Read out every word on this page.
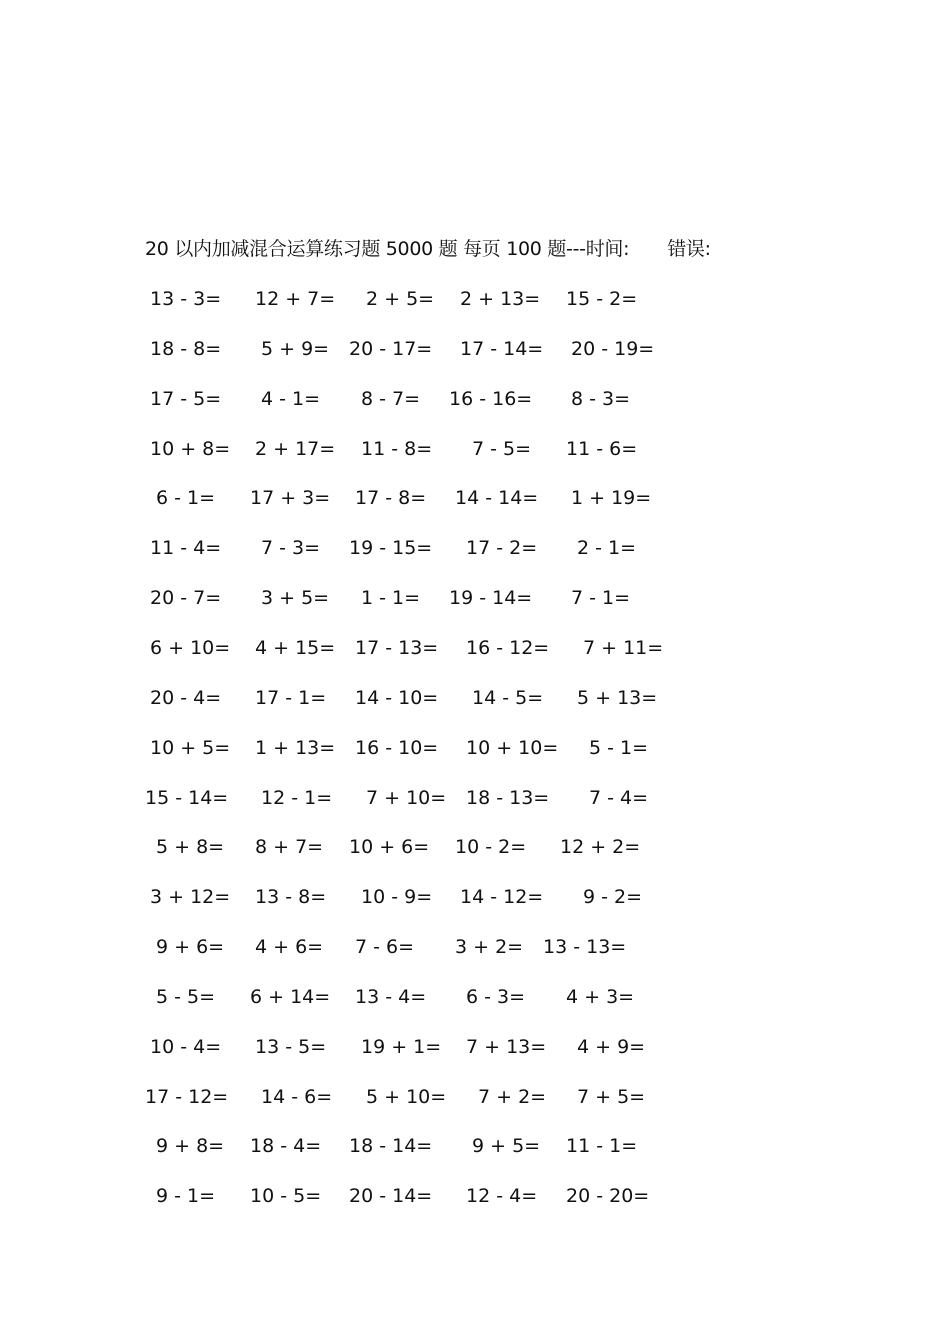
20 以内加减混合运算练习题 5000 题 每页 100 题---时间: 错误:
13 - 3= 12 + 7= 2 + 5= 2 + 13= 15 - 2=
18 - 8= 5 + 9= 20 - 17= 17 - 14= 20 - 19=
17 - 5= 4 - 1= 8 - 7= 16 - 16= 8 - 3=
10 + 8= 2 + 17= 11 - 8= 7 - 5= 11 - 6=
6 - 1= 17 + 3= 17 - 8= 14 - 14= 1 + 19=
11 - 4= 7 - 3= 19 - 15= 17 - 2= 2 - 1=
20 - 7= 3 + 5= 1 - 1= 19 - 14= 7 - 1=
6 + 10= 4 + 15= 17 - 13= 16 - 12= 7 + 11=
20 - 4= 17 - 1= 14 - 10= 14 - 5= 5 + 13=
10 + 5= 1 + 13= 16 - 10= 10 + 10= 5 - 1=
15 - 14= 12 - 1= 7 + 10= 18 - 13= 7 - 4=
5 + 8= 8 + 7= 10 + 6= 10 - 2= 12 + 2=
3 + 12= 13 - 8= 10 - 9= 14 - 12= 9 - 2=
9 + 6= 4 + 6= 7 - 6= 3 + 2= 13 - 13=
5 - 5= 6 + 14= 13 - 4= 6 - 3= 4 + 3=
10 - 4= 13 - 5= 19 + 1= 7 + 13= 4 + 9=
17 - 12= 14 - 6= 5 + 10= 7 + 2= 7 + 5=
9 + 8= 18 - 4= 18 - 14= 9 + 5= 11 - 1=
9 - 1= 10 - 5= 20 - 14= 12 - 4= 20 - 20=
